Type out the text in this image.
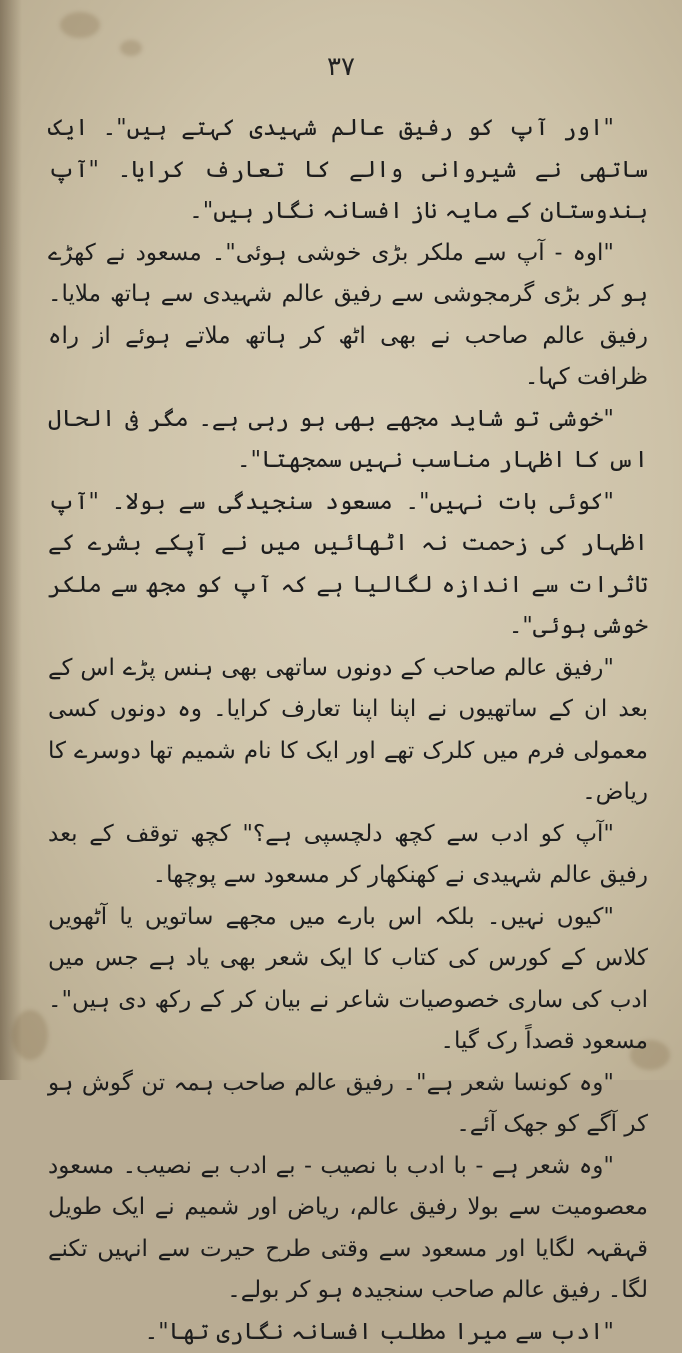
۳۷

"اور آپ کو رفیق عالم شہیدی کہتے ہیں"۔ ایک ساتھی نے شیروانی والے کا تعارف کرایا۔ "آپ ہندوستان کے مایہ ناز افسانہ نگار ہیں"۔

"اوہ - آپ سے ملکر بڑی خوشی ہوئی"۔ مسعود نے کھڑے ہو کر بڑی گرمجوشی سے رفیق عالم شہیدی سے ہاتھ ملایا۔ رفیق عالم صاحب نے بھی اٹھ کر ہاتھ ملاتے ہوئے از راہ ظرافت کہا۔

"خوشی تو شاید مجھے بھی ہو رہی ہے۔ مگر فی الحال اس کا اظہار مناسب نہیں سمجھتا"۔

"کوئی بات نہیں"۔ مسعود سنجیدگی سے بولا۔ "آپ اظہار کی زحمت نہ اٹھائیں میں نے آپکے بشرے کے تاثرات سے اندازہ لگالیا ہے کہ آپ کو مجھ سے ملکر خوشی ہوئی"۔

"رفیق عالم صاحب کے دونوں ساتھی بھی ہنس پڑے اس کے بعد ان کے ساتھیوں نے اپنا اپنا تعارف کرایا۔ وہ دونوں کسی معمولی فرم میں کلرک تھے اور ایک کا نام شمیم تھا دوسرے کا ریاض۔

"آپ کو ادب سے کچھ دلچسپی ہے؟" کچھ توقف کے بعد رفیق عالم شہیدی نے کھنکھار کر مسعود سے پوچھا۔

"کیوں نہیں۔ بلکہ اس بارے میں مجھے ساتویں یا آٹھویں کلاس کے کورس کی کتاب کا ایک شعر بھی یاد ہے جس میں ادب کی ساری خصوصیات شاعر نے بیان کر کے رکھ دی ہیں"۔ مسعود قصداً رک گیا۔

"وہ کونسا شعر ہے"۔ رفیق عالم صاحب ہمہ تن گوش ہو کر آگے کو جھک آئے۔

"وہ شعر ہے - با ادب با نصیب - بے ادب بے نصیب۔ مسعود معصومیت سے بولا رفیق عالم، ریاض اور شمیم نے ایک طویل قہقہہ لگایا اور مسعود سے وقتی طرح حیرت سے انہیں تکنے لگا۔ رفیق عالم صاحب سنجیدہ ہو کر بولے۔

"ادب سے میرا مطلب افسانہ نگاری تھا"۔
